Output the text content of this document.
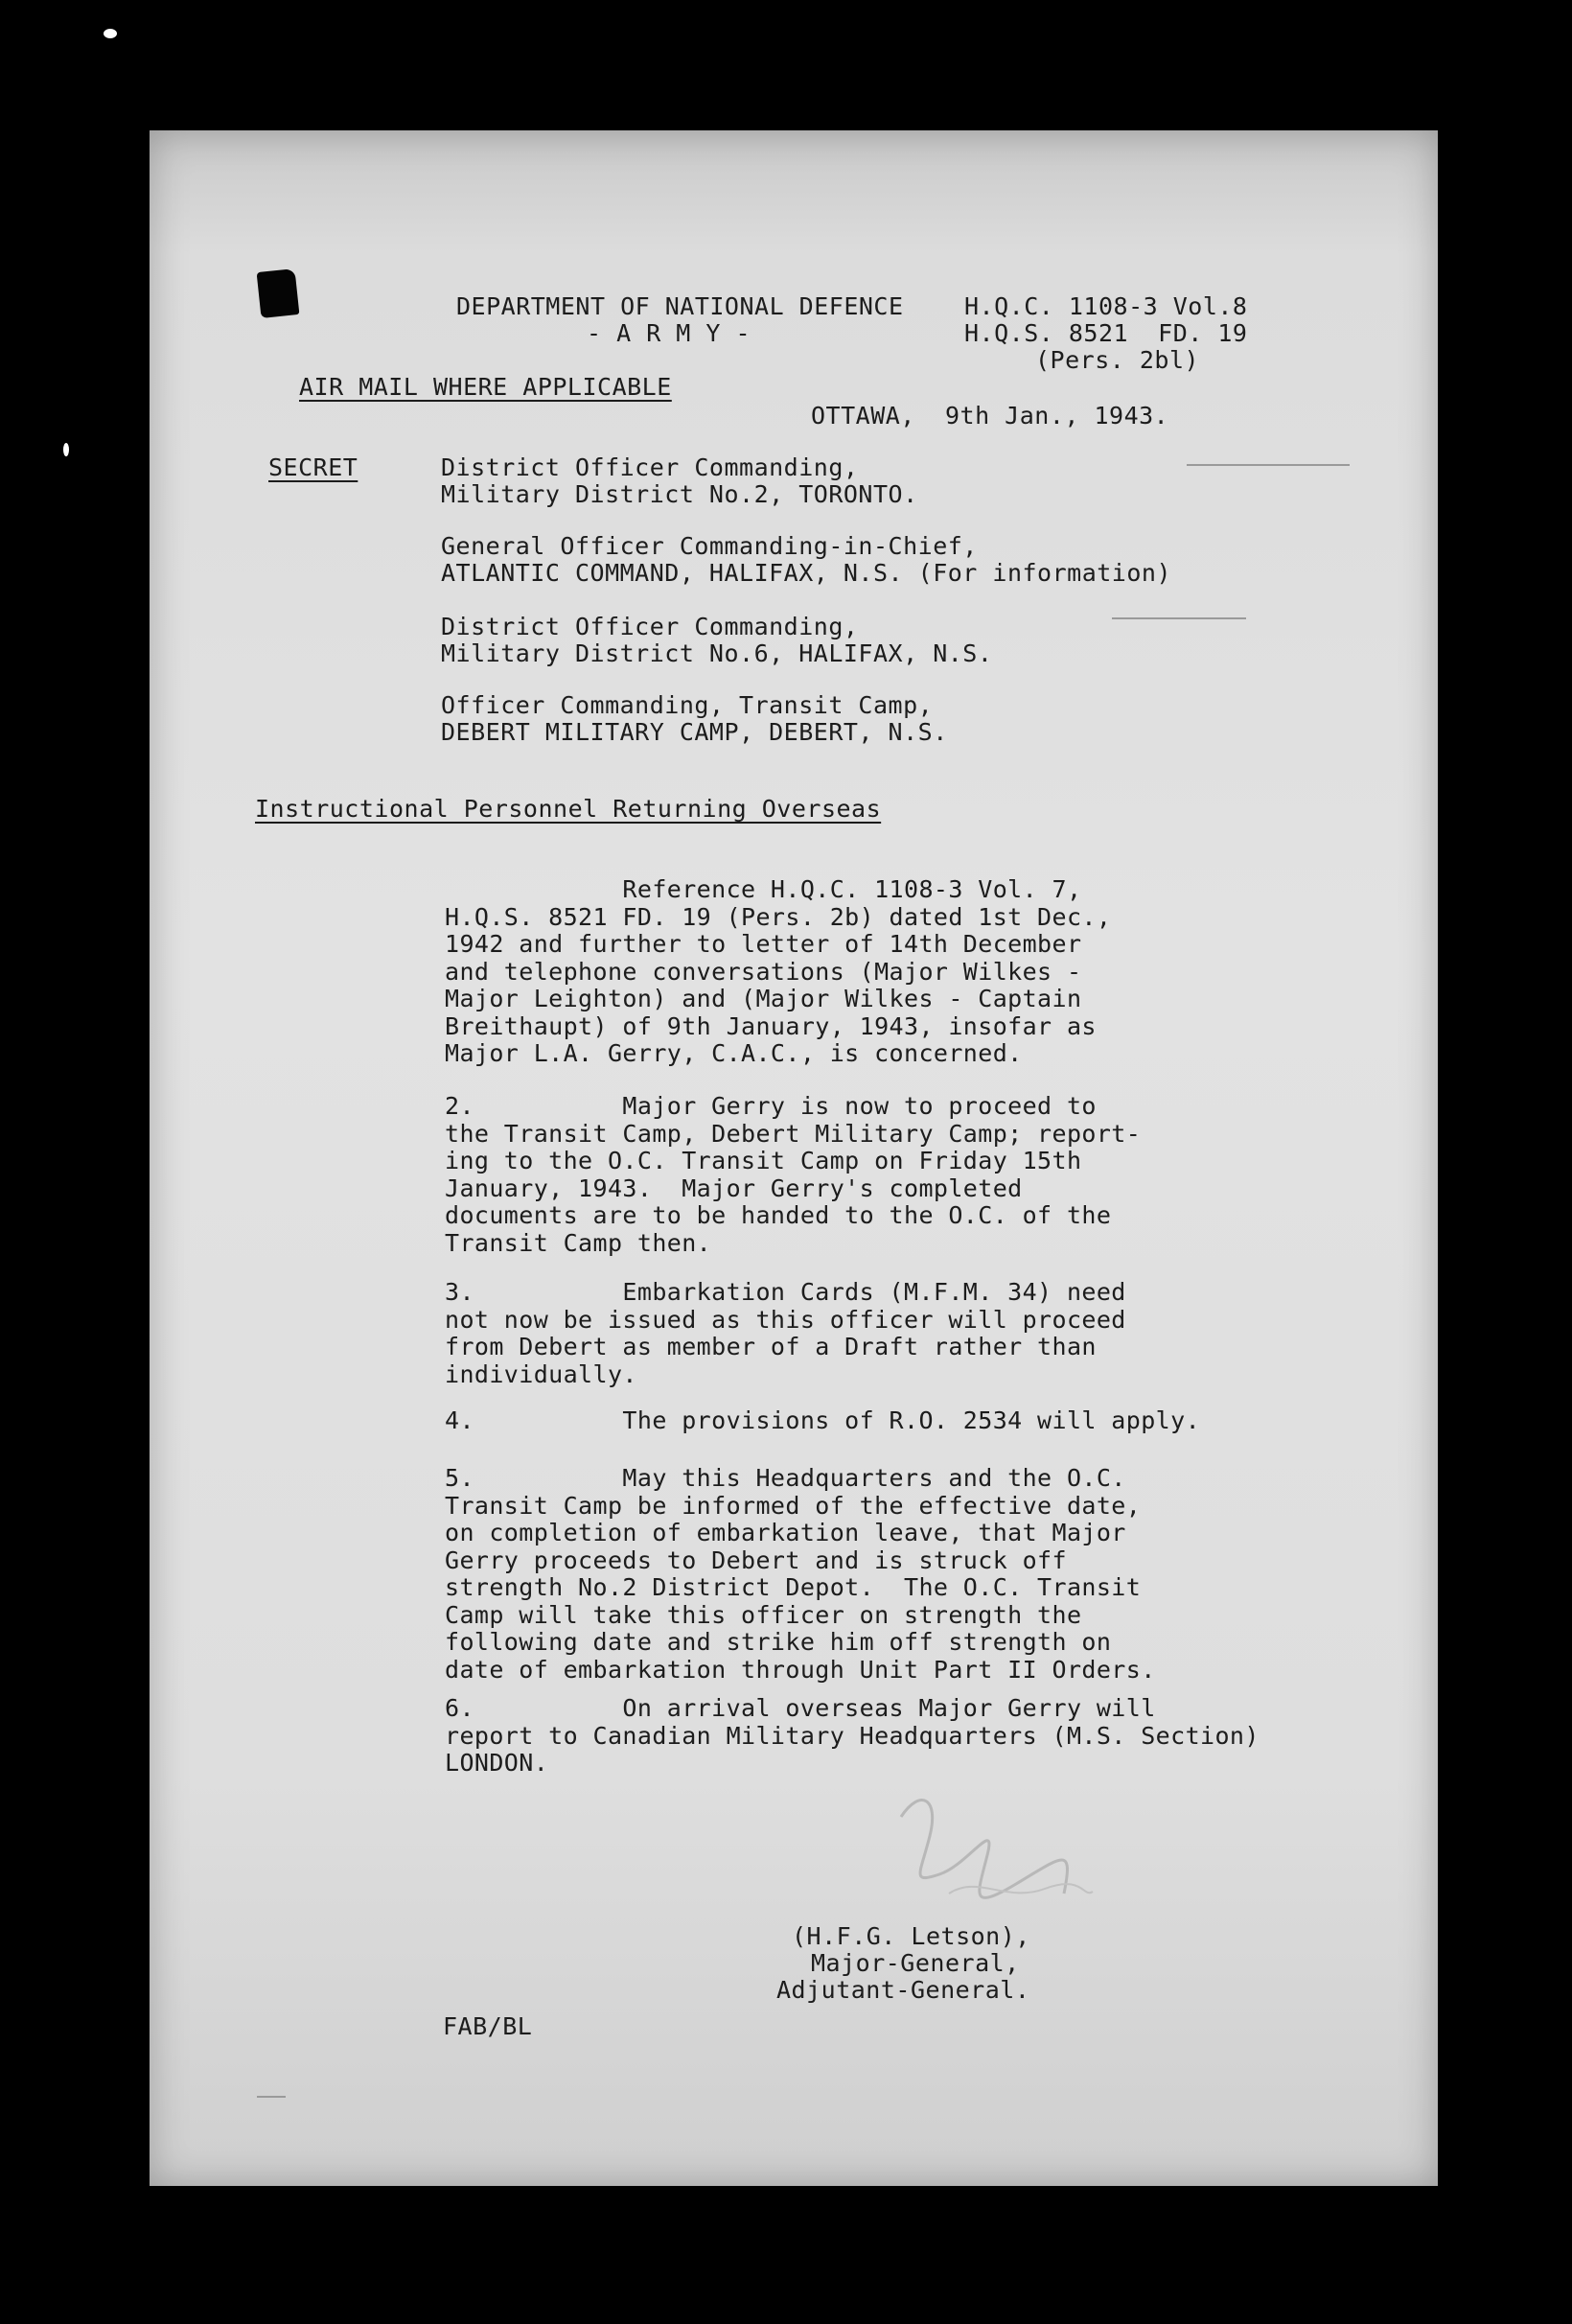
DEPARTMENT OF NATIONAL DEFENCE
- A R M Y -
H.Q.C. 1108-3 Vol.8
H.Q.S. 8521  FD. 19
(Pers. 2bl)
AIR MAIL WHERE APPLICABLE
OTTAWA,  9th Jan., 1943.
SECRET	District Officer Commanding,
Military District No.2, TORONTO.
General Officer Commanding-in-Chief,
ATLANTIC COMMAND, HALIFAX, N.S. (For information)
District Officer Commanding,
Military District No.6, HALIFAX, N.S.
Officer Commanding, Transit Camp,
DEBERT MILITARY CAMP, DEBERT, N.S.
Instructional Personnel Returning Overseas
Reference H.Q.C. 1108-3 Vol. 7,
H.Q.S. 8521 FD. 19 (Pers. 2b) dated 1st Dec.,
1942 and further to letter of 14th December
and telephone conversations (Major Wilkes -
Major Leighton) and (Major Wilkes - Captain
Breithaupt) of 9th January, 1943, insofar as
Major L.A. Gerry, C.A.C., is concerned.
2.          Major Gerry is now to proceed to
the Transit Camp, Debert Military Camp; report-
ing to the O.C. Transit Camp on Friday 15th
January, 1943.  Major Gerry's completed
documents are to be handed to the O.C. of the
Transit Camp then.
3.          Embarkation Cards (M.F.M. 34) need
not now be issued as this officer will proceed
from Debert as member of a Draft rather than
individually.
4.          The provisions of R.O. 2534 will apply.
5.          May this Headquarters and the O.C.
Transit Camp be informed of the effective date,
on completion of embarkation leave, that Major
Gerry proceeds to Debert and is struck off
strength No.2 District Depot.  The O.C. Transit
Camp will take this officer on strength the
following date and strike him off strength on
date of embarkation through Unit Part II Orders.
6.          On arrival overseas Major Gerry will
report to Canadian Military Headquarters (M.S. Section)
LONDON.
(H.F.G. Letson),
Major-General,
Adjutant-General.
FAB/BL
